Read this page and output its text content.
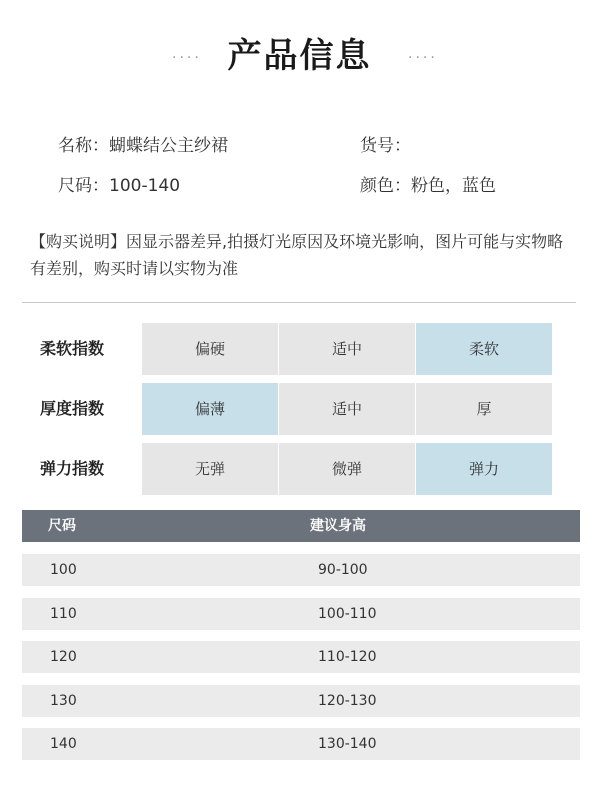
···· 产品信息	····
名称：蝴蝶结公主纱裙	货号：
尺码：100-140	颜色：粉色，蓝色
【购买说明】因显示器差异,拍摄灯光原因及环境光影响，图片可能与实物略有差别，购买时请以实物为准
柔软指数	偏硬	适中	柔软
厚度指数	偏薄	适中	厚
弹力指数	无弹	微弹	弹力
尺码	建议身高
100	90-100
110	100-110
120	110-120
130	120-130
140	130-140
